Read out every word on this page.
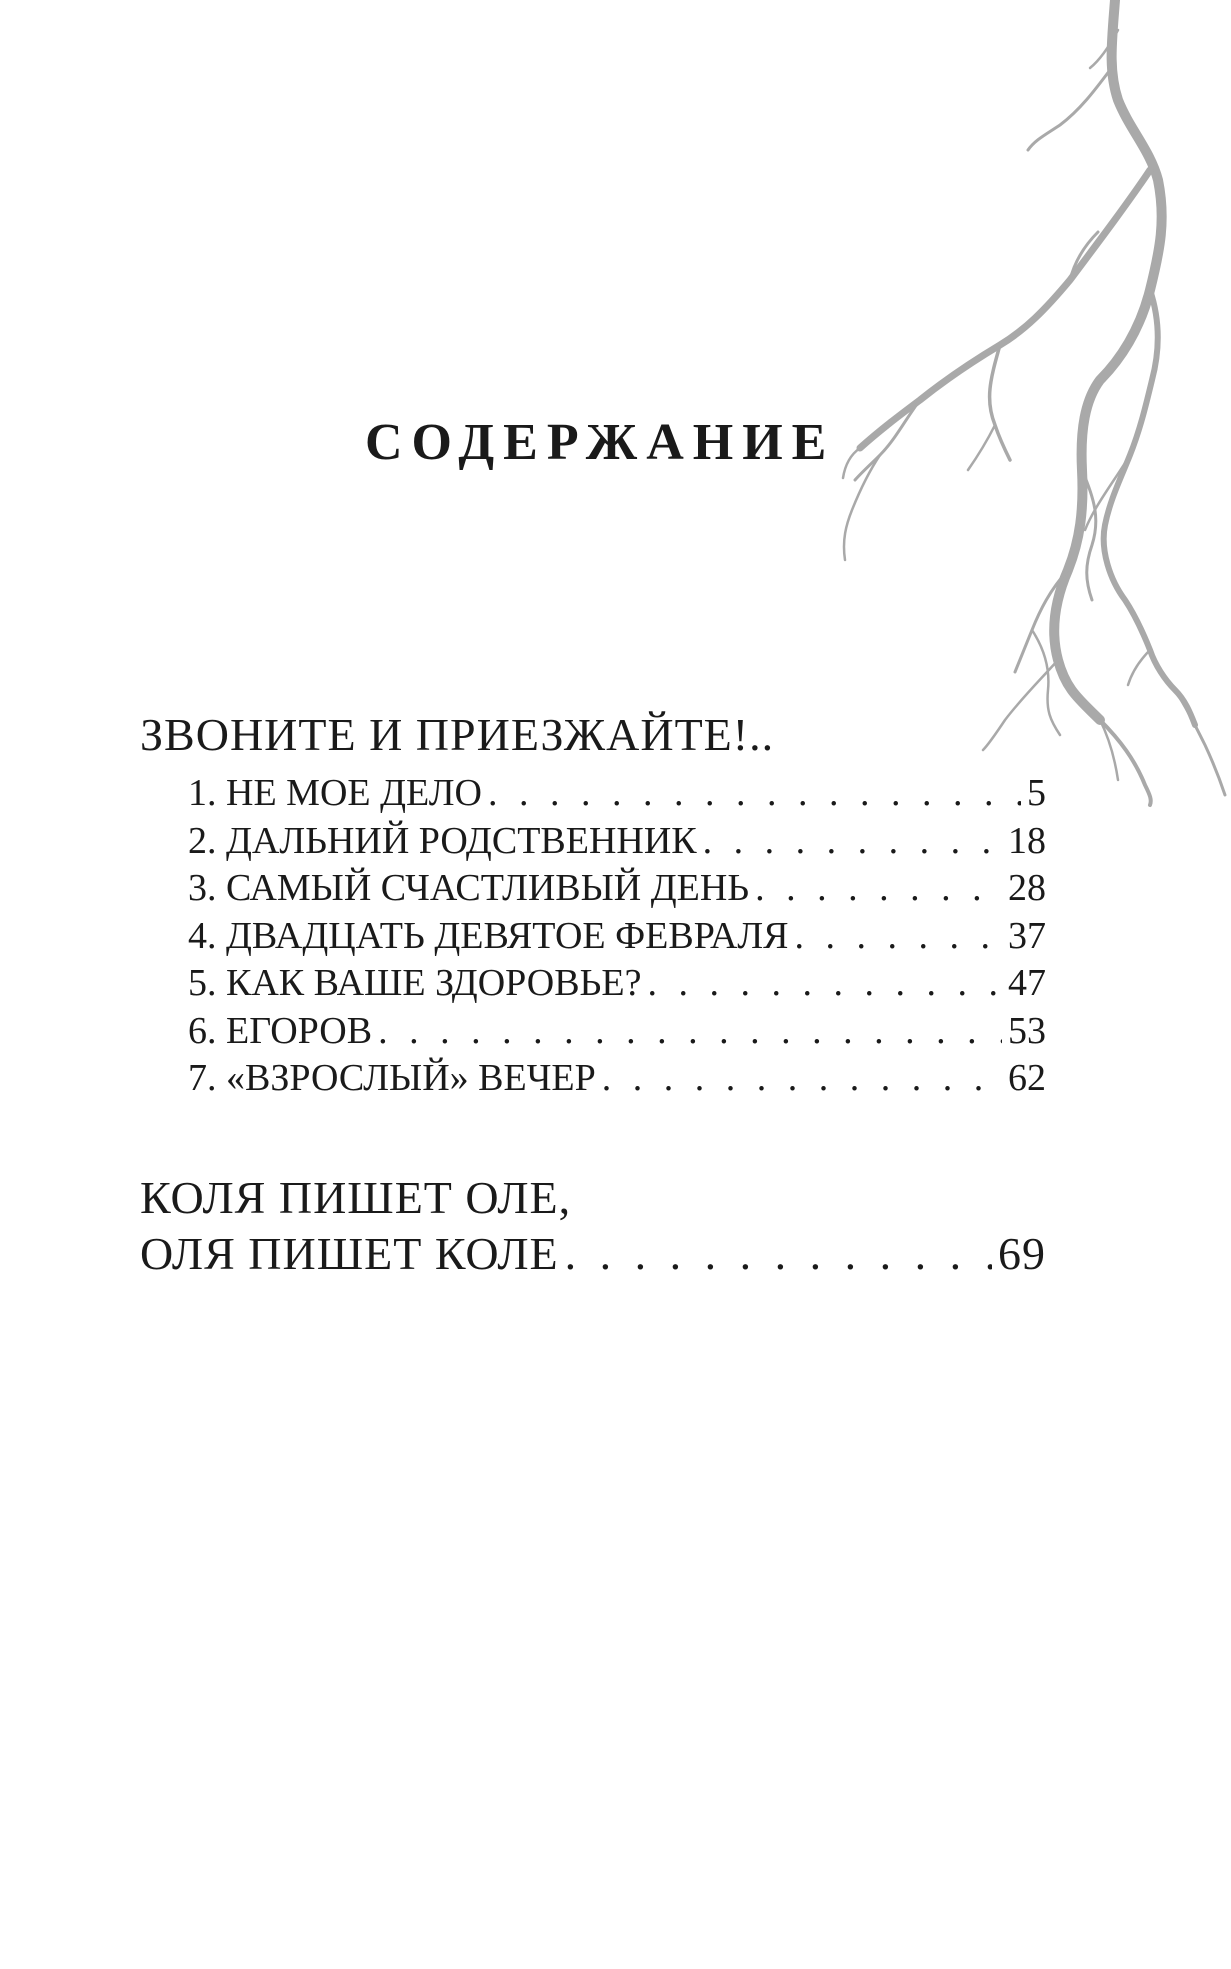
СОДЕРЖАНИЕ
ЗВОНИТЕ И ПРИЕЗЖАЙТЕ!..
1. НЕ МОЕ ДЕЛО . . .	5
2. ДАЛЬНИЙ РОДСТВЕННИК . . .	18
3. САМЫЙ СЧАСТЛИВЫЙ ДЕНЬ . . .	28
4. ДВАДЦАТЬ ДЕВЯТОЕ ФЕВРАЛЯ . . .	37
5. КАК ВАШЕ ЗДОРОВЬЕ? . . .	47
6. ЕГОРОВ . . .	53
7. «ВЗРОСЛЫЙ» ВЕЧЕР . . .	62
КОЛЯ ПИШЕТ ОЛЕ,
ОЛЯ ПИШЕТ КОЛЕ . . .	69
